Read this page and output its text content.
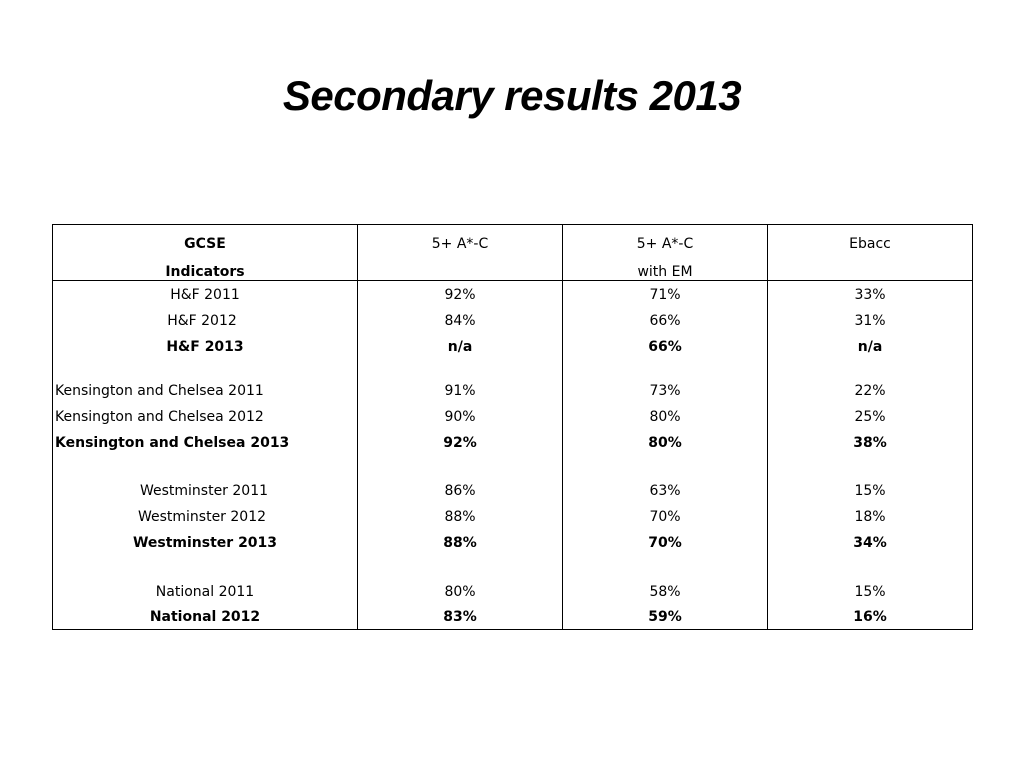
Secondary results 2013
GCSE
Indicators
5+ A*-C	5+ A*-C
with EM
Ebacc
H&F 2011
H&F 2012
H&F 2013
Kensington and Chelsea 2011
Kensington and Chelsea 2012
Kensington and Chelsea 2013
Westminster 2011
Westminster 2012
Westminster 2013
National 2011
National 2012
92%
84%
n/a
91%
90%
92%
86%
88%
88%
80%
83%
71%
66%
66%
73%
80%
80%
63%
70%
70%
58%
59%
33%
31%
n/a
22%
25%
38%
15%
18%
34%
15%
16%
